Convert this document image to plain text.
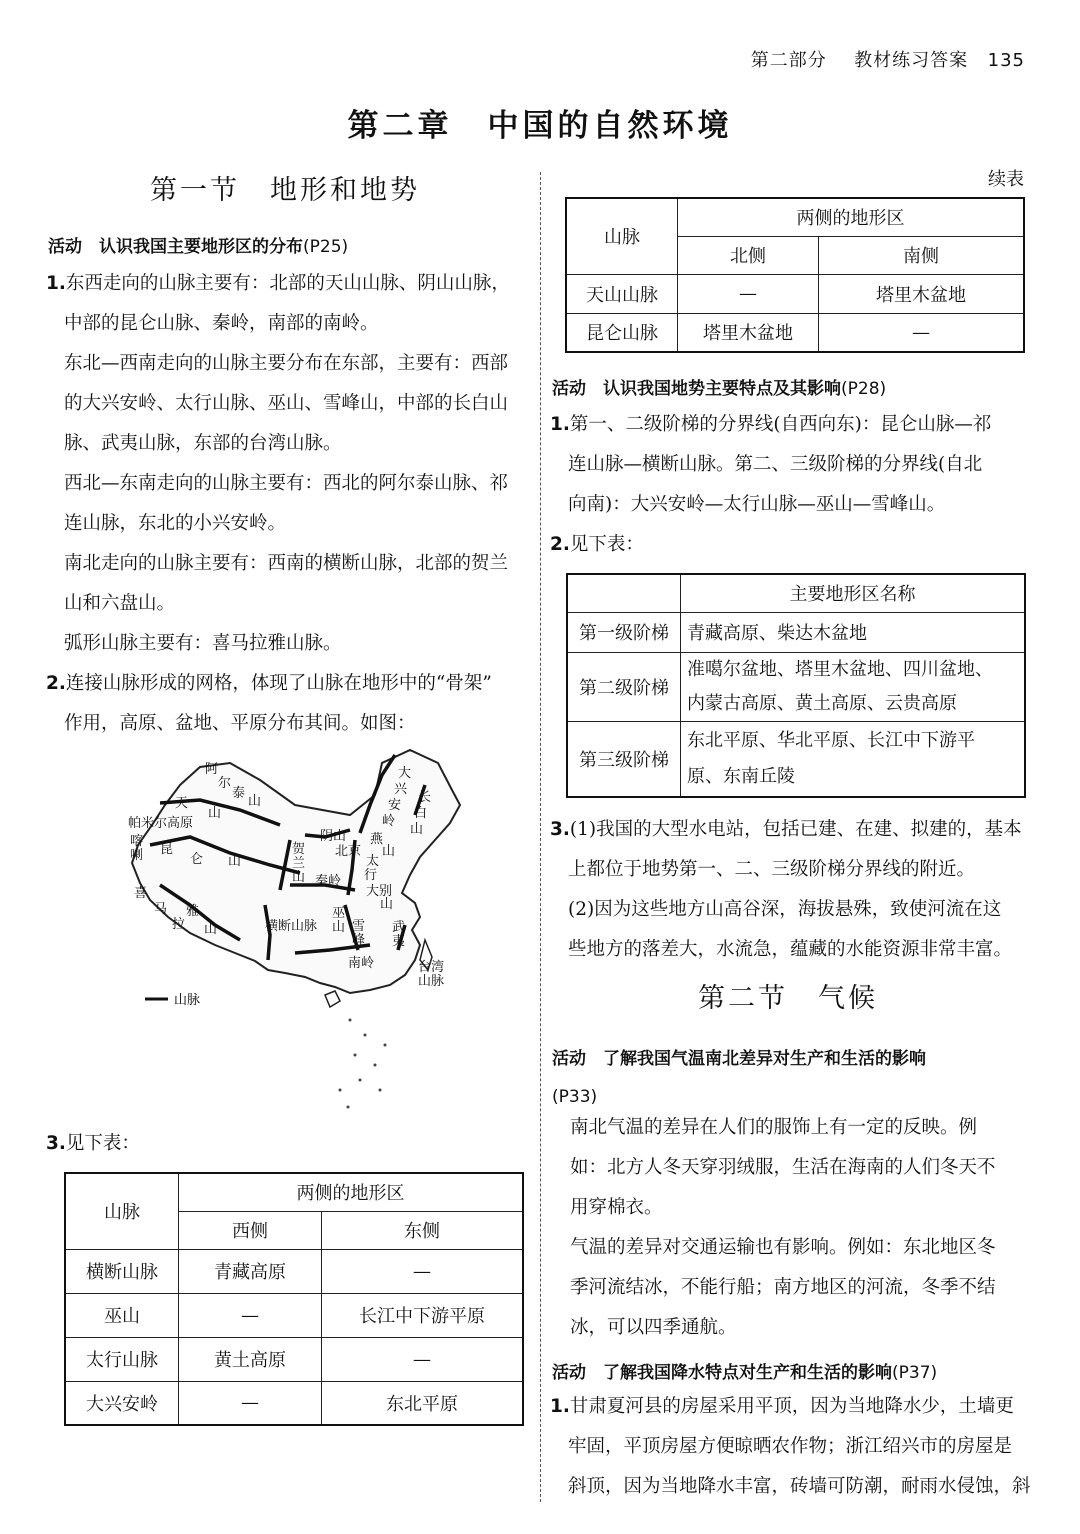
第二部分 教材练习答案 135
第二章　中国的自然环境
第一节　地形和地势
活动　 认识我国主要地形区的分布(P25)
1.东西走向的山脉主要有：北部的天山山脉、阴山山脉，
中部的昆仑山脉、秦岭，南部的南岭。
东北—西南走向的山脉主要分布在东部，主要有：西部
的大兴安岭、太行山脉、巫山、雪峰山，中部的长白山
脉、武夷山脉，东部的台湾山脉。
西北—东南走向的山脉主要有：西北的阿尔泰山脉、祁
连山脉，东北的小兴安岭。
南北走向的山脉主要有：西南的横断山脉，北部的贺兰
山和六盘山。
弧形山脉主要有：喜马拉雅山脉。
2.连接山脉形成的网格，体现了山脉在地形中的“骨架”
作用，高原、盆地、平原分布其间。如图：
阿
尔
泰
山
天
山
帕米尔高原
喀
喇 昆
仑 山
喜
马
拉
雅
山
阴山 燕
山
北京
太
行
贺
兰
山 秦岭
大别
山
横断山脉
巫
山 雪
峰
武
夷
南岭	台湾
山脉
大
兴
安
岭
长
白
山
山脉
3.见下表：
山脉	两侧的地形区	
	西侧	东侧
横断山脉	青藏高原	—
巫山	—	长江中下游平原
太行山脉	黄土高原	—
大兴安岭	—	东北平原
续表
山脉	两侧的地形区	
	北侧	南侧
天山山脉	—	塔里木盆地
昆仑山脉	塔里木盆地	—
活动　 认识我国地势主要特点及其影响(P28)
1.第一、二级阶梯的分界线(自西向东)：昆仑山脉—祁
连山脉—横断山脉。第二、三级阶梯的分界线(自北
向南)：大兴安岭—太行山脉—巫山—雪峰山。
2.见下表：
	主要地形区名称
第一级阶梯	青藏高原、柴达木盆地
第二级阶梯	准噶尔盆地、塔里木盆地、四川盆地、
内蒙古高原、黄土高原、云贵高原

第三级阶梯	东北平原、华北平原、长江中下游平
原、东南丘陵
3.(1)我国的大型水电站，包括已建、在建、拟建的，基本
上都位于地势第一、二、三级阶梯分界线的附近。
(2)因为这些地方山高谷深，海拔悬殊，致使河流在这
些地方的落差大，水流急，蕴藏的水能资源非常丰富。
第二节　气候
活动　 了解我国气温南北差异对生产和生活的影响
(P33)
南北气温的差异在人们的服饰上有一定的反映。例
如：北方人冬天穿羽绒服，生活在海南的人们冬天不
用穿棉衣。
气温的差异对交通运输也有影响。例如：东北地区冬
季河流结冰，不能行船；南方地区的河流，冬季不结
冰，可以四季通航。
活动　 了解我国降水特点对生产和生活的影响(P37)
1.甘肃夏河县的房屋采用平顶，因为当地降水少，土墙更
牢固，平顶房屋方便晾晒农作物；浙江绍兴市的房屋是
斜顶，因为当地降水丰富，砖墙可防潮，耐雨水侵蚀，斜
